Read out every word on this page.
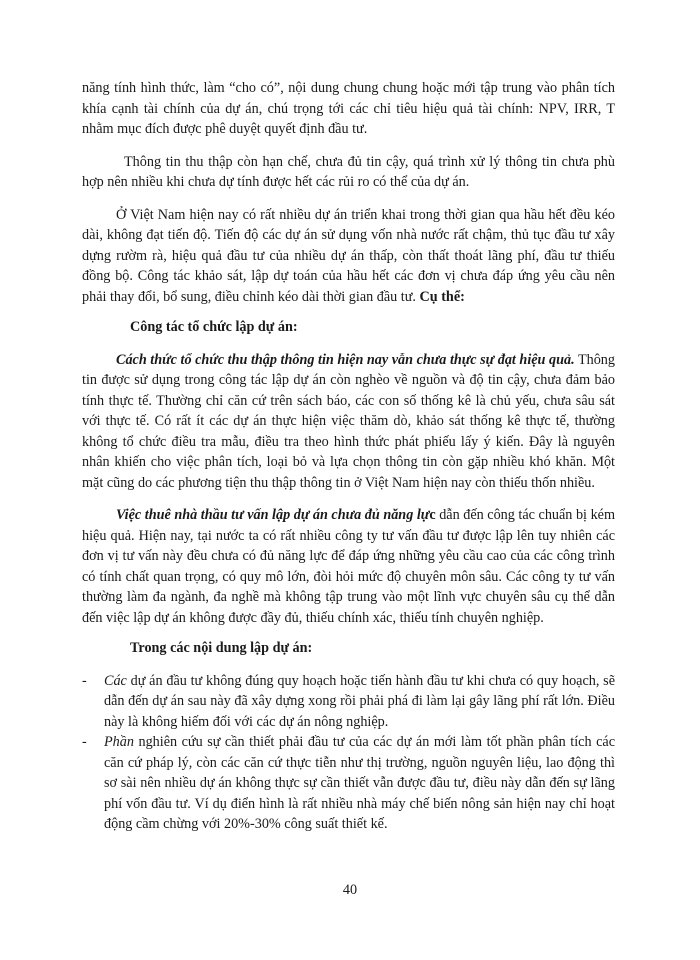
năng tính hình thức, làm “cho có”, nội dung chung chung hoặc mới tập trung vào phân tích khía cạnh tài chính của dự án, chú trọng tới các chỉ tiêu hiệu quả tài chính: NPV, IRR, T nhằm mục đích được phê duyệt quyết định đầu tư.

Thông tin thu thập còn hạn chế, chưa đủ tin cậy, quá trình xử lý thông tin chưa phù hợp nên nhiều khi chưa dự tính được hết các rủi ro có thể của dự án.

Ở Việt Nam hiện nay có rất nhiều dự án triển khai trong thời gian qua hầu hết đều kéo dài, không đạt tiến độ. Tiến độ các dự án sử dụng vốn nhà nước rất chậm, thủ tục đầu tư xây dựng rườm rà, hiệu quả đầu tư của nhiều dự án thấp, còn thất thoát lãng phí, đầu tư thiếu đồng bộ. Công tác khảo sát, lập dự toán của hầu hết các đơn vị chưa đáp ứng yêu cầu nên phải thay đổi, bổ sung, điều chỉnh kéo dài thời gian đầu tư. Cụ thể:

Công tác tổ chức lập dự án:

Cách thức tổ chức thu thập thông tin hiện nay vẫn chưa thực sự đạt hiệu quả. Thông tin được sử dụng trong công tác lập dự án còn nghèo về nguồn và độ tin cậy, chưa đảm bảo tính thực tế. Thường chỉ căn cứ trên sách báo, các con số thống kê là chủ yếu, chưa sâu sát với thực tế. Có rất ít các dự án thực hiện việc thăm dò, khảo sát thống kê thực tế, thường không tổ chức điều tra mẫu, điều tra theo hình thức phát phiếu lấy ý kiến. Đây là nguyên nhân khiến cho việc phân tích, loại bỏ và lựa chọn thông tin còn gặp nhiều khó khăn. Một mặt cũng do các phương tiện thu thập thông tin ở Việt Nam hiện nay còn thiếu thốn nhiều.

Việc thuê nhà thầu tư vấn lập dự án chưa đủ năng lực dẫn đến công tác chuẩn bị kém hiệu quả. Hiện nay, tại nước ta có rất nhiều công ty tư vấn đầu tư được lập lên tuy nhiên các đơn vị tư vấn này đều chưa có đủ năng lực để đáp ứng những yêu cầu cao của các công trình có tính chất quan trọng, có quy mô lớn, đòi hỏi mức độ chuyên môn sâu. Các công ty tư vấn thường làm đa ngành, đa nghề mà không tập trung vào một lĩnh vực chuyên sâu cụ thể dẫn đến việc lập dự án không được đầy đủ, thiếu chính xác, thiếu tính chuyên nghiệp.

Trong các nội dung lập dự án:

- Các dự án đầu tư không đúng quy hoạch hoặc tiến hành đầu tư khi chưa có quy hoạch, sẽ dẫn đến dự án sau này đã xây dựng xong rồi phải phá đi làm lại gây lãng phí rất lớn. Điều này là không hiếm đối với các dự án nông nghiệp.
- Phần nghiên cứu sự cần thiết phải đầu tư của các dự án mới làm tốt phần phân tích các căn cứ pháp lý, còn các căn cứ thực tiễn như thị trường, nguồn nguyên liệu, lao động thì sơ sài nên nhiều dự án không thực sự cần thiết vẫn được đầu tư, điều này dẫn đến sự lãng phí vốn đầu tư. Ví dụ điển hình là rất nhiều nhà máy chế biến nông sản hiện nay chỉ hoạt động cầm chừng với 20%-30% công suất thiết kế.
40
